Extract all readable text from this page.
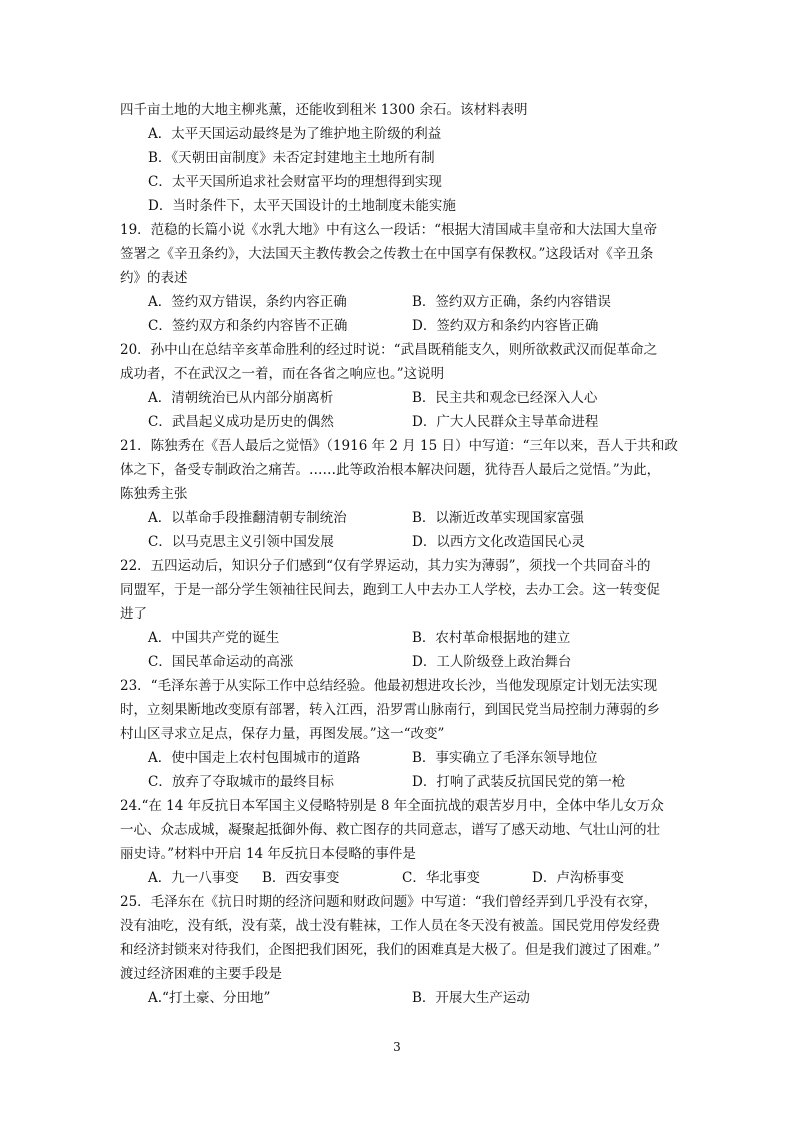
四千亩土地的大地主柳兆薰，还能收到租米 1300 余石。该材料表明
A．太平天国运动最终是为了维护地主阶级的利益
B．《天朝田亩制度》未否定封建地主土地所有制
C．太平天国所追求社会财富平均的理想得到实现
D．当时条件下，太平天国设计的土地制度未能实施
19．范稳的长篇小说《水乳大地》中有这么一段话：“根据大清国咸丰皇帝和大法国大皇帝
签署之《辛丑条约》，大法国天主教传教会之传教士在中国享有保教权。”这段话对《辛丑条
约》的表述
A．签约双方错误，条约内容正确	B．签约双方正确，条约内容错误
C．签约双方和条约内容皆不正确	D．签约双方和条约内容皆正确
20．孙中山在总结辛亥革命胜利的经过时说：“武昌既稍能支久，则所欲救武汉而促革命之
成功者，不在武汉之一着，而在各省之响应也。”这说明
A．清朝统治已从内部分崩离析	B．民主共和观念已经深入人心
C．武昌起义成功是历史的偶然	D．广大人民群众主导革命进程
21．陈独秀在《吾人最后之觉悟》（1916 年 2 月 15 日）中写道：“三年以来，吾人于共和政
体之下，备受专制政治之痛苦。……此等政治根本解决问题，犹待吾人最后之觉悟。”为此，
陈独秀主张
A．以革命手段推翻清朝专制统治	B．以渐近改革实现国家富强
C．以马克思主义引领中国发展	D．以西方文化改造国民心灵
22．五四运动后，知识分子们感到“仅有学界运动，其力实为薄弱”，须找一个共同奋斗的
同盟军，于是一部分学生领袖往民间去，跑到工人中去办工人学校，去办工会。这一转变促
进了
A．中国共产党的诞生	B．农村革命根据地的建立
C．国民革命运动的高涨	D．工人阶级登上政治舞台
23．“毛泽东善于从实际工作中总结经验。他最初想进攻长沙，当他发现原定计划无法实现
时，立刻果断地改变原有部署，转入江西，沿罗霄山脉南行，到国民党当局控制力薄弱的乡
村山区寻求立足点，保存力量，再图发展。”这一“改变”
A．使中国走上农村包围城市的道路	B．事实确立了毛泽东领导地位
C．放弃了夺取城市的最终目标	D．打响了武装反抗国民党的第一枪
24.“在 14 年反抗日本军国主义侵略特别是 8 年全面抗战的艰苦岁月中，全体中华儿女万众
一心、众志成城，凝聚起抵御外侮、救亡图存的共同意志，谱写了感天动地、气壮山河的壮
丽史诗。”材料中开启 14 年反抗日本侵略的事件是
A．九一八事变 B．西安事变	C．华北事变	D．卢沟桥事变
25．毛泽东在《抗日时期的经济问题和财政问题》中写道：“我们曾经弄到几乎没有衣穿，
没有油吃，没有纸，没有菜，战士没有鞋袜，工作人员在冬天没有被盖。国民党用停发经费
和经济封锁来对待我们，企图把我们困死，我们的困难真是大极了。但是我们渡过了困难。”
渡过经济困难的主要手段是
A.“打土豪、分田地”	B．开展大生产运动
3
